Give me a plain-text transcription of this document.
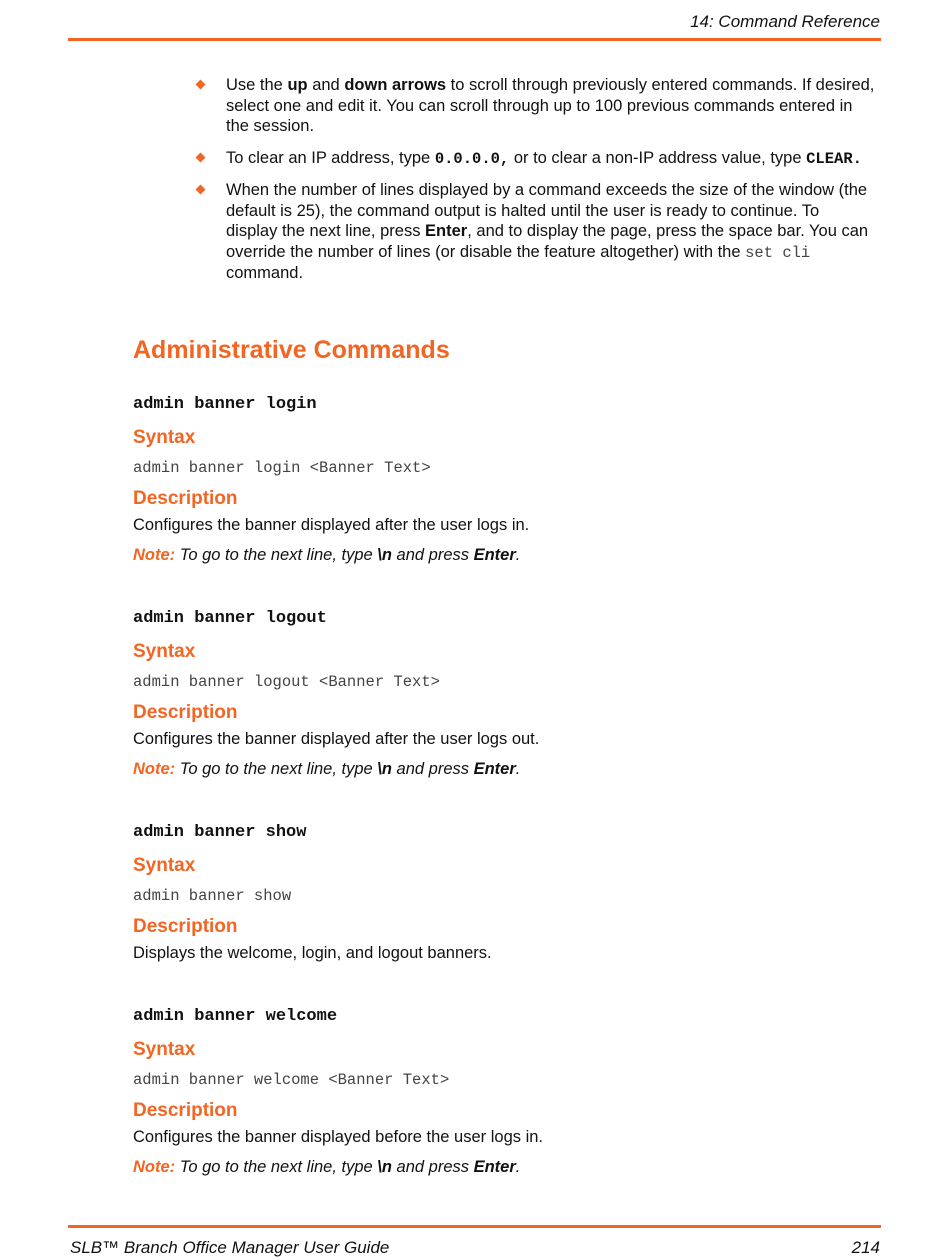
14: Command Reference
Use the up and down arrows to scroll through previously entered commands. If desired, select one and edit it. You can scroll through up to 100 previous commands entered in the session.
To clear an IP address, type 0.0.0.0, or to clear a non-IP address value, type CLEAR.
When the number of lines displayed by a command exceeds the size of the window (the default is 25), the command output is halted until the user is ready to continue. To display the next line, press Enter, and to display the page, press the space bar. You can override the number of lines (or disable the feature altogether) with the set cli command.
Administrative Commands
admin banner login
Syntax
admin banner login <Banner Text>
Description
Configures the banner displayed after the user logs in.
Note: To go to the next line, type \n and press Enter.
admin banner logout
Syntax
admin banner logout <Banner Text>
Description
Configures the banner displayed after the user logs out.
Note: To go to the next line, type \n and press Enter.
admin banner show
Syntax
admin banner show
Description
Displays the welcome, login, and logout banners.
admin banner welcome
Syntax
admin banner welcome <Banner Text>
Description
Configures the banner displayed before the user logs in.
Note: To go to the next line, type \n and press Enter.
SLB™ Branch Office Manager User Guide	214
